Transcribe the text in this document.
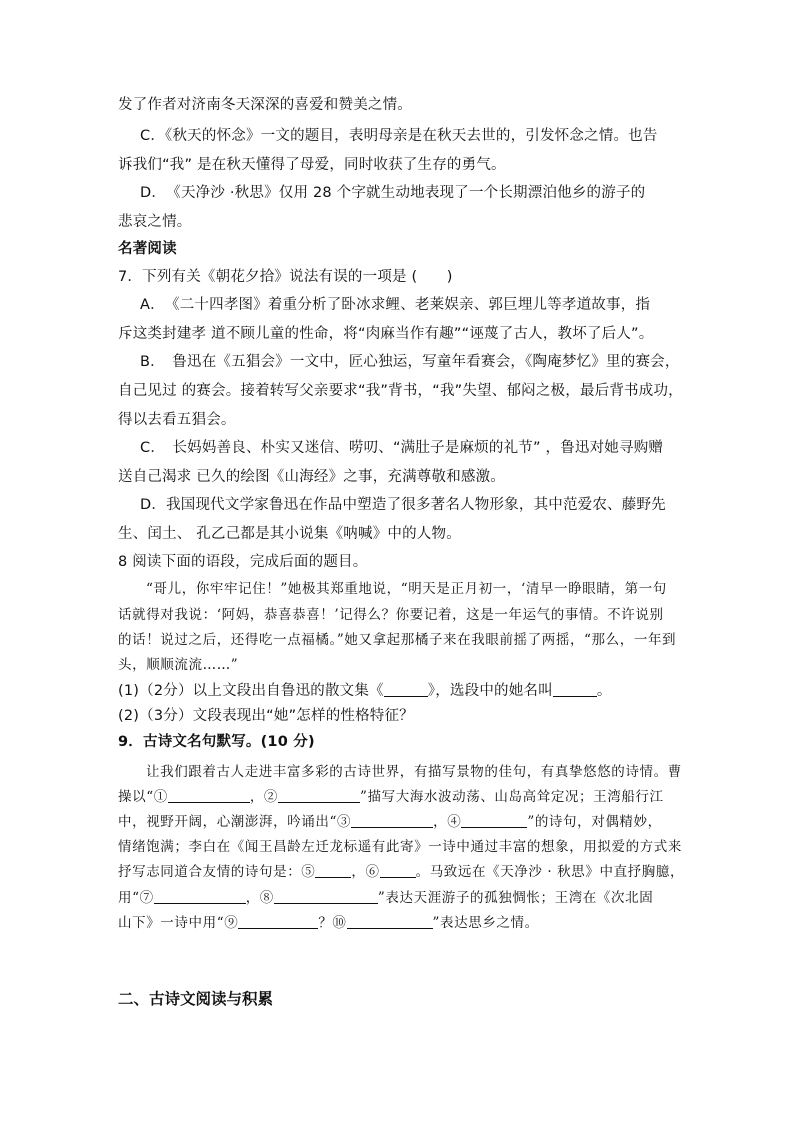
发了作者对济南冬天深深的喜爱和赞美之情。
C．《秋天的怀念》一文的题目，表明母亲是在秋天去世的，引发怀念之情。也告
诉我们“我” 是在秋天懂得了母爱，同时收获了生存的勇气。
D．　《天净沙 ·秋思》仅用 28 个字就生动地表现了一个长期漂泊他乡的游子的
悲哀之情。
名著阅读
7．下列有关《朝花夕拾》说法有误的一项是 (　　)
A．　《二十四孝图》着重分析了卧冰求鲤、老莱娱亲、郭巨埋儿等孝道故事，指
斥这类封建孝 道不顾儿童的性命，将“肉麻当作有趣”“诬蔑了古人，教坏了后人”。
B．　鲁迅在《五猖会》一文中，匠心独运，写童年看赛会，《陶庵梦忆》里的赛会，
自己见过 的赛会。接着转写父亲要求“我”背书，“我”失望、郁闷之极，最后背书成功，
得以去看五猖会。
C．　长妈妈善良、朴实又迷信、唠叨、“满肚子是麻烦的礼节” ，鲁迅对她寻购赠
送自己渴求 已久的绘图《山海经》之事，充满尊敬和感激。
D．我国现代文学家鲁迅在作品中塑造了很多著名人物形象，其中范爱农、藤野先
生、闰土、 孔乙己都是其小说集《呐喊》中的人物。
8 阅读下面的语段，完成后面的题目。
“哥儿，你牢牢记住！”她极其郑重地说，“明天是正月初一，‘清早一睁眼睛，第一句
话就得对我说：‘阿妈，恭喜恭喜！’记得么？你要记着，这是一年运气的事情。不许说别
的话！说过之后，还得吃一点福橘。”她又拿起那橘子来在我眼前摇了两摇，“那么，一年到
头，顺顺流流……”
(1)（2分）以上文段出自鲁迅的散文集《	》，选段中的她名叫	。
(2)（3分）文段表现出“她”怎样的性格特征？
9．古诗文名句默写。(10 分)
让我们跟着古人走进丰富多彩的古诗世界，有描写景物的佳句，有真挚悠悠的诗情。曹
操以“①	，②	”描写大海水波动荡、山岛高耸定况；王湾船行江
中，视野开阔，心潮澎湃，吟诵出“③	，④	”的诗句，对偶精妙，
情绪饱满；李白在《闻王昌龄左迁龙标遥有此寄》一诗中通过丰富的想象，用拟爱的方式来
抒写志同道合友情的诗句是：⑤	，⑥	。马致远在《天净沙 · 秋思》中直抒胸臆，
用“⑦	，⑧	”表达天涯游子的孤独惆怅；王湾在《次北固
山下》一诗中用“⑨	？⑩	”表达思乡之情。
二、古诗文阅读与积累
